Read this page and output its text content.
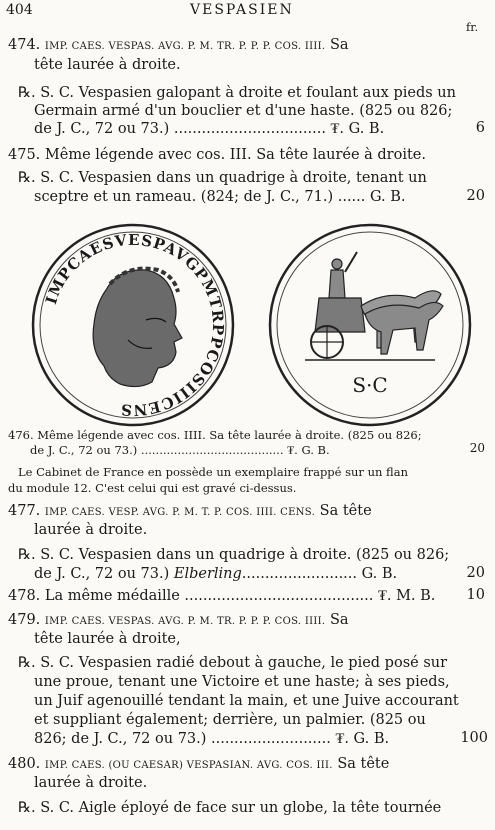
404	VESPASIEN
fr.
474. IMP. CAES. VESPAS. AVG. P. M. TR. P. P. P. COS. IIII. Sa
tête laurée à droite.
℞. S. C. Vespasien galopant à droite et foulant aux pieds un
Germain armé d'un bouclier et d'une haste. (825 ou 826;
de J. C., 72 ou 73.) ................................. ₮. G. B.	6
475. Même légende avec cos. III. Sa tête laurée à droite.
℞. S. C. Vespasien dans un quadrige à droite, tenant un
sceptre et un rameau. (824; de J. C., 71.) ...... G. B.	20
IMPCAESVESPAVGPMTRPPCOSIIICENS
S·C
476. Même légende avec cos. IIII. Sa tête laurée à droite. (825 ou 826;
de J. C., 72 ou 73.) ....................................... ₮. G. B.	20
Le Cabinet de France en possède un exemplaire frappé sur un flan
du module 12. C'est celui qui est gravé ci-dessus.
477. IMP. CAES. VESP. AVG. P. M. T. P. COS. IIII. CENS. Sa tête
laurée à droite.
℞. S. C. Vespasien dans un quadrige à droite. (825 ou 826;
de J. C., 72 ou 73.) Elberling......................... G. B.	20
478. La même médaille ......................................... ₮. M. B.	10
479. IMP. CAES. VESPAS. AVG. P. M. TR. P. P. P. COS. IIII. Sa
tête laurée à droite,
℞. S. C. Vespasien radié debout à gauche, le pied posé sur
une proue, tenant une Victoire et une haste; à ses pieds,
un Juif agenouillé tendant la main, et une Juive accourant
et suppliant également; derrière, un palmier. (825 ou
826; de J. C., 72 ou 73.) .......................... ₮. G. B.	100
480. IMP. CAES. (OU CAESAR) VESPASIAN. AVG. COS. III. Sa tête
laurée à droite.
℞. S. C. Aigle éployé de face sur un globe, la tête tournée
